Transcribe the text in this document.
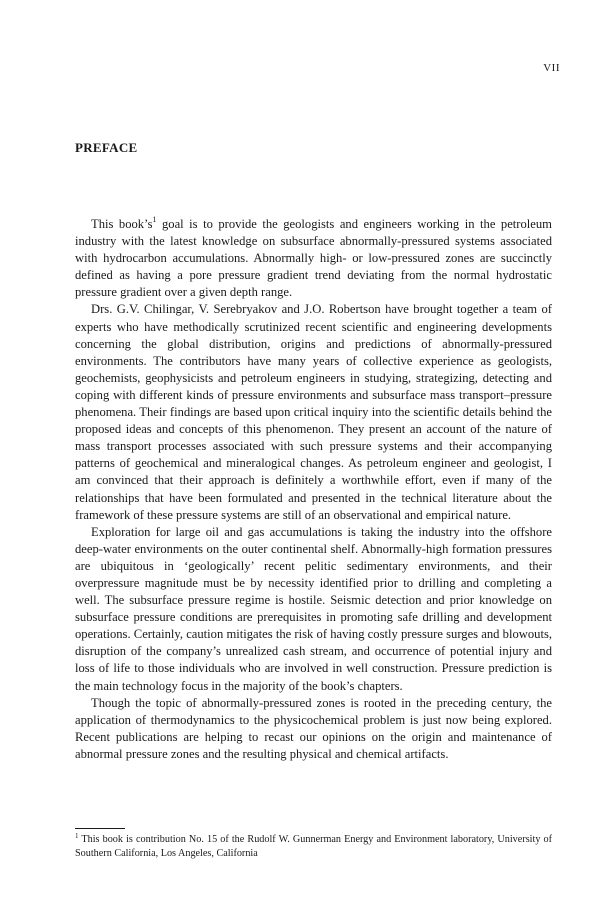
VII
PREFACE

This $book’s^1$ goal is to provide the geologists and engineers working in the petroleum industry with the latest knowledge on subsurface abnormally-pressured systems associated with hydrocarbon accumulations. Abnormally high- or low-pressured zones are succinctly defined as having a pore pressure gradient trend deviating from the normal hydrostatic pressure gradient over a given depth range.

Drs. G.V. Chilingar, V. Serebryakov and J.O. Robertson have brought together a team of experts who have methodically scrutinized recent scientific and engineering developments concerning the global distribution, origins and predictions of abnormally-pressured environments. The contributors have many years of collective experience as geologists, geochemists, geophysicists and petroleum engineers in studying, strategizing, detecting and coping with different kinds of pressure environments and subsurface mass transport–pressure phenomena. Their findings are based upon critical inquiry into the scientific details behind the proposed ideas and concepts of this phenomenon. They present an account of the nature of mass transport processes associated with such pressure systems and their accompanying patterns of geochemical and mineralogical changes. As petroleum engineer and geologist, I am convinced that their approach is definitely a worthwhile effort, even if many of the relationships that have been formulated and presented in the technical literature about the framework of these pressure systems are still of an observational and empirical nature.

Exploration for large oil and gas accumulations is taking the industry into the offshore deep-water environments on the outer continental shelf. Abnormally-high formation pressures are ubiquitous in ‘geologically’ recent pelitic sedimentary environments, and their overpressure magnitude must be by necessity identified prior to drilling and completing a well. The subsurface pressure regime is hostile. Seismic detection and prior knowledge on subsurface pressure conditions are prerequisites in promoting safe drilling and development operations. Certainly, caution mitigates the risk of having costly pressure surges and blowouts, disruption of the company’s unrealized cash stream, and occurrence of potential injury and loss of life to those individuals who are involved in well construction. Pressure prediction is the main technology focus in the majority of the book’s chapters.

Though the topic of abnormally-pressured zones is rooted in the preceding century, the application of thermodynamics to the physicochemical problem is just now being explored. Recent publications are helping to recast our opinions on the origin and maintenance of abnormal pressure zones and the resulting physical and chemical artifacts.

$^1$ This book is contribution No. 15 of the Rudolf W. Gunnerman Energy and Environment laboratory, University of Southern California, Los Angeles, California
